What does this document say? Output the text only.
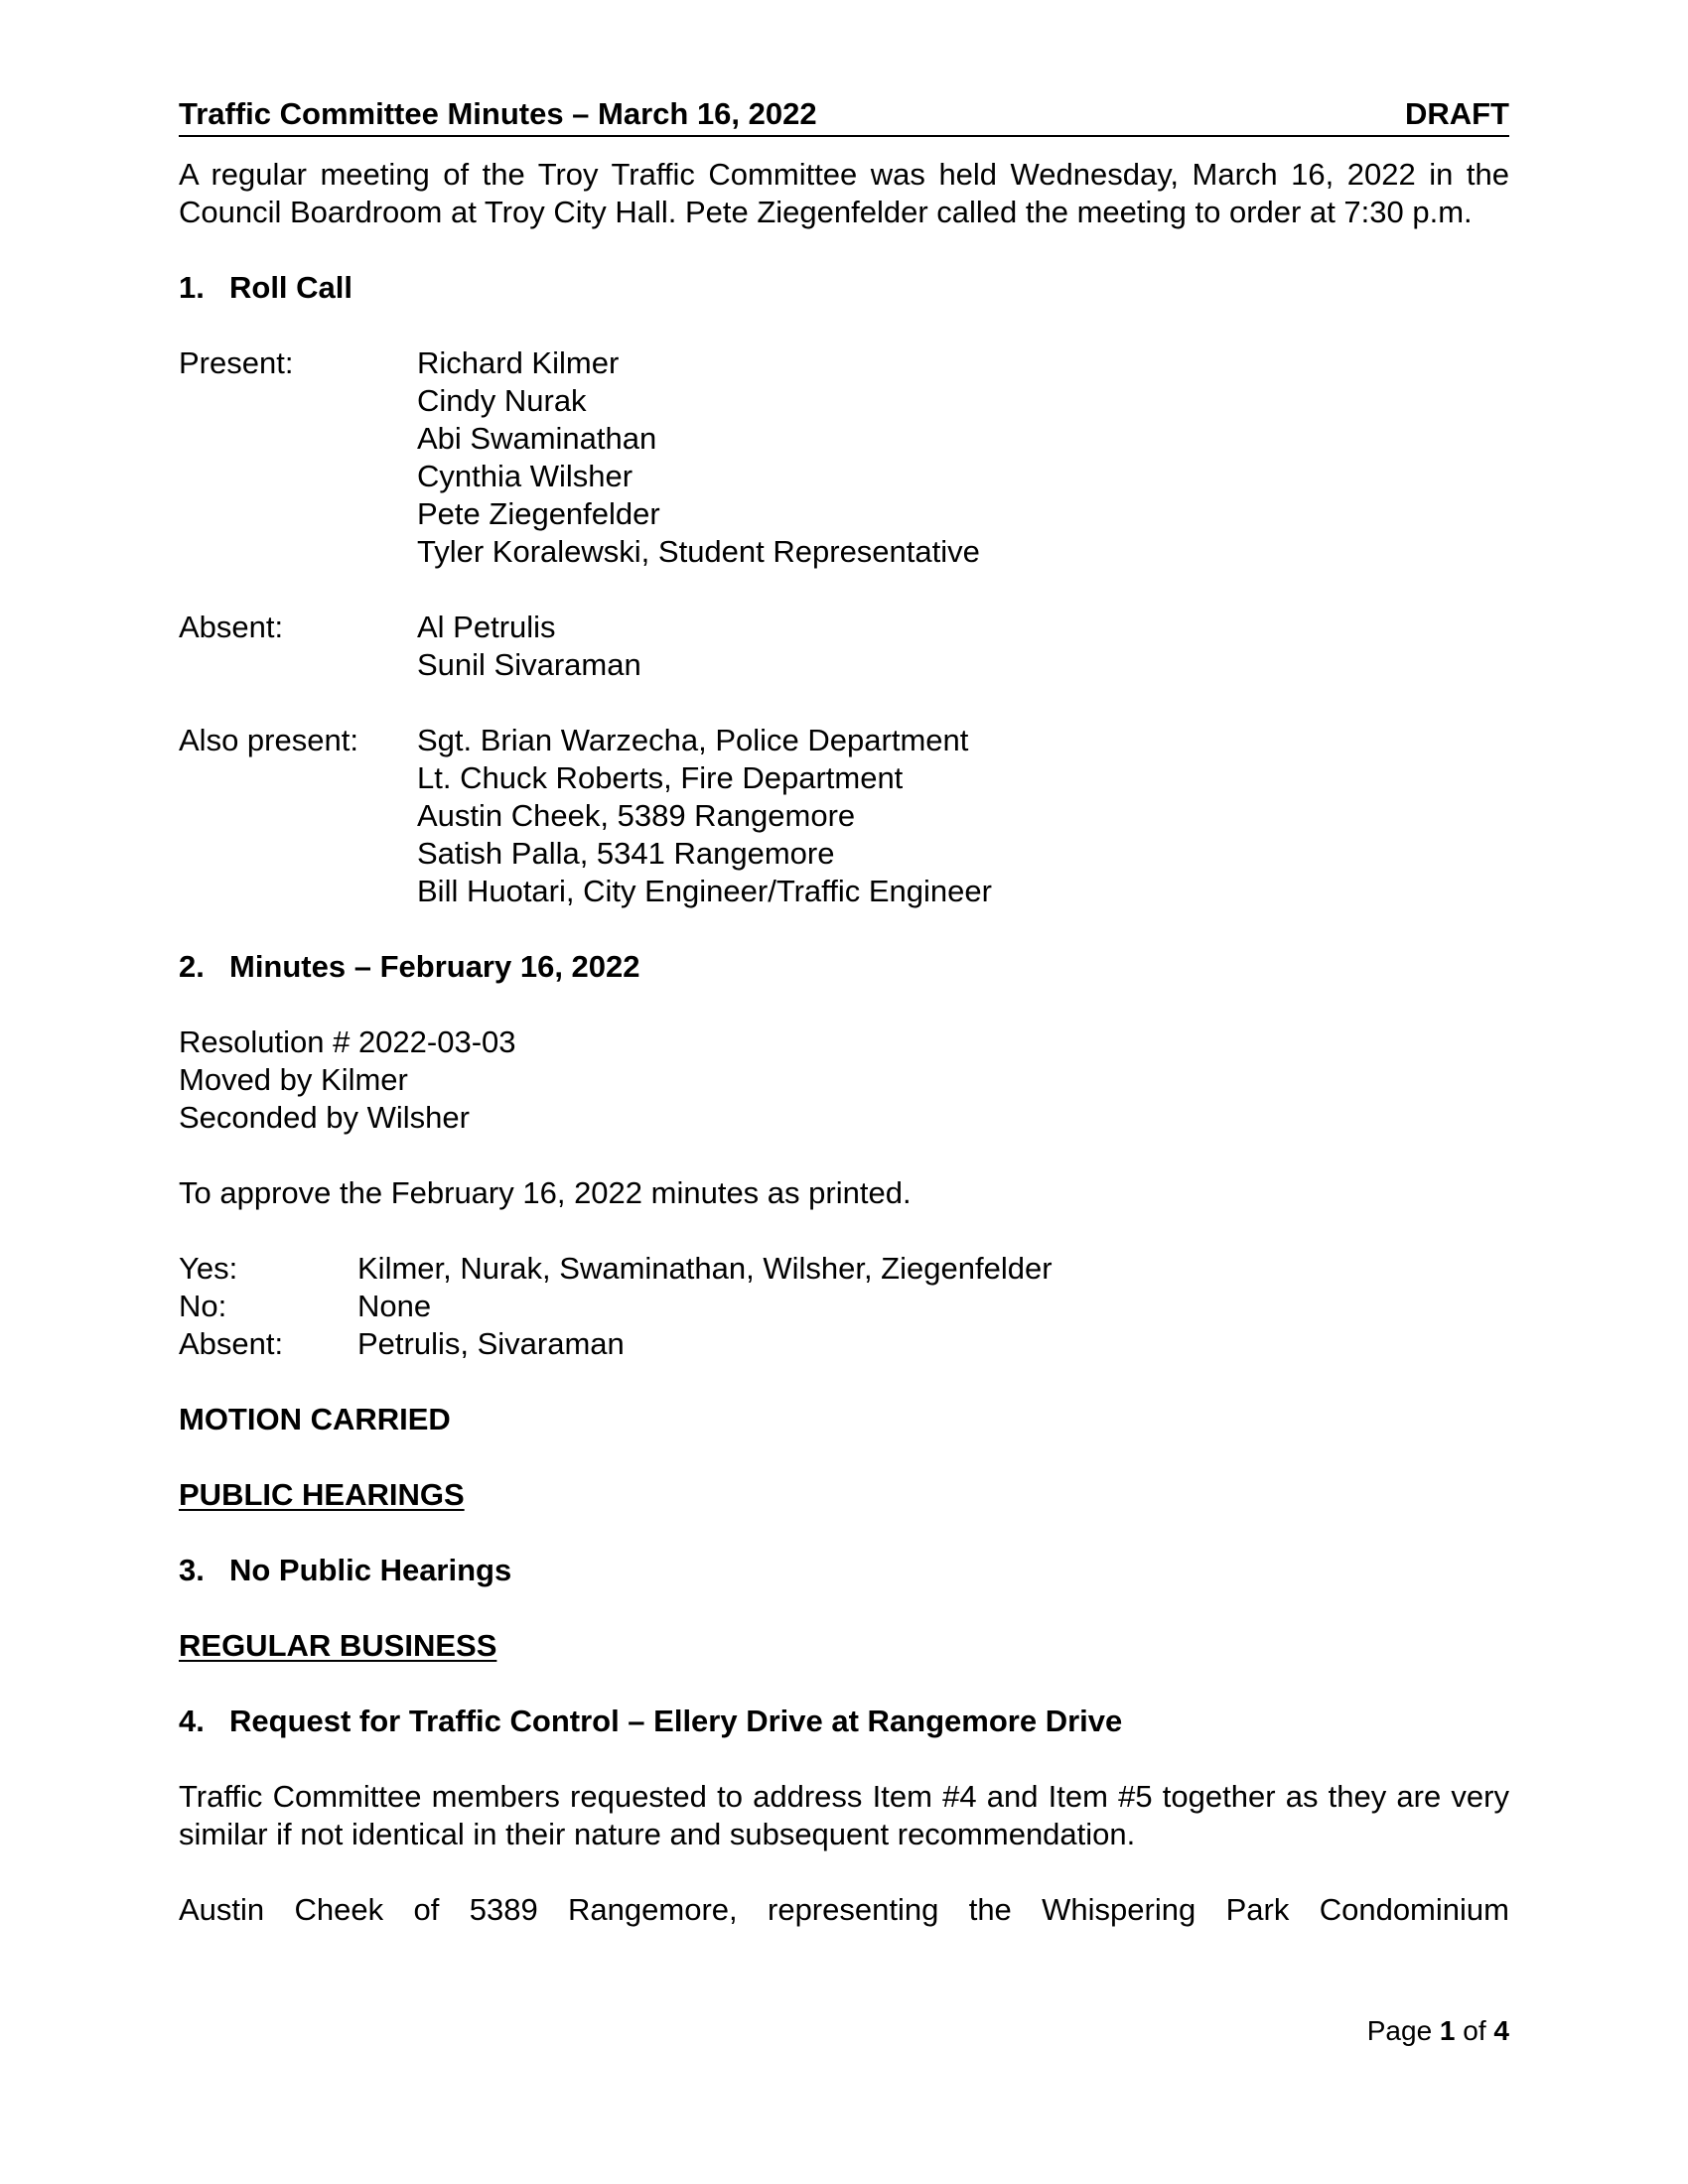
Traffic Committee Minutes – March 16, 2022	DRAFT

A regular meeting of the Troy Traffic Committee was held Wednesday, March 16, 2022 in the Council Boardroom at Troy City Hall. Pete Ziegenfelder called the meeting to order at 7:30 p.m.

1. Roll Call
Present:	Richard Kilmer
Cindy Nurak
Abi Swaminathan
Cynthia Wilsher
Pete Ziegenfelder
Tyler Koralewski, Student Representative
Absent:	Al Petrulis
Sunil Sivaraman
Also present:	Sgt. Brian Warzecha, Police Department
Lt. Chuck Roberts, Fire Department
Austin Cheek, 5389 Rangemore
Satish Palla, 5341 Rangemore
Bill Huotari, City Engineer/Traffic Engineer
2. Minutes – February 16, 2022
Resolution # 2022-03-03
Moved by Kilmer
Seconded by Wilsher
To approve the February 16, 2022 minutes as printed.
Yes:	Kilmer, Nurak, Swaminathan, Wilsher, Ziegenfelder
No:	None
Absent:	Petrulis, Sivaraman
MOTION CARRIED
PUBLIC HEARINGS
3. No Public Hearings
REGULAR BUSINESS
4. Request for Traffic Control – Ellery Drive at Rangemore Drive

Traffic Committee members requested to address Item #4 and Item #5 together as they are very similar if not identical in their nature and subsequent recommendation.

Austin Cheek of 5389 Rangemore, representing the Whispering Park Condominium
Page 1 of 4
